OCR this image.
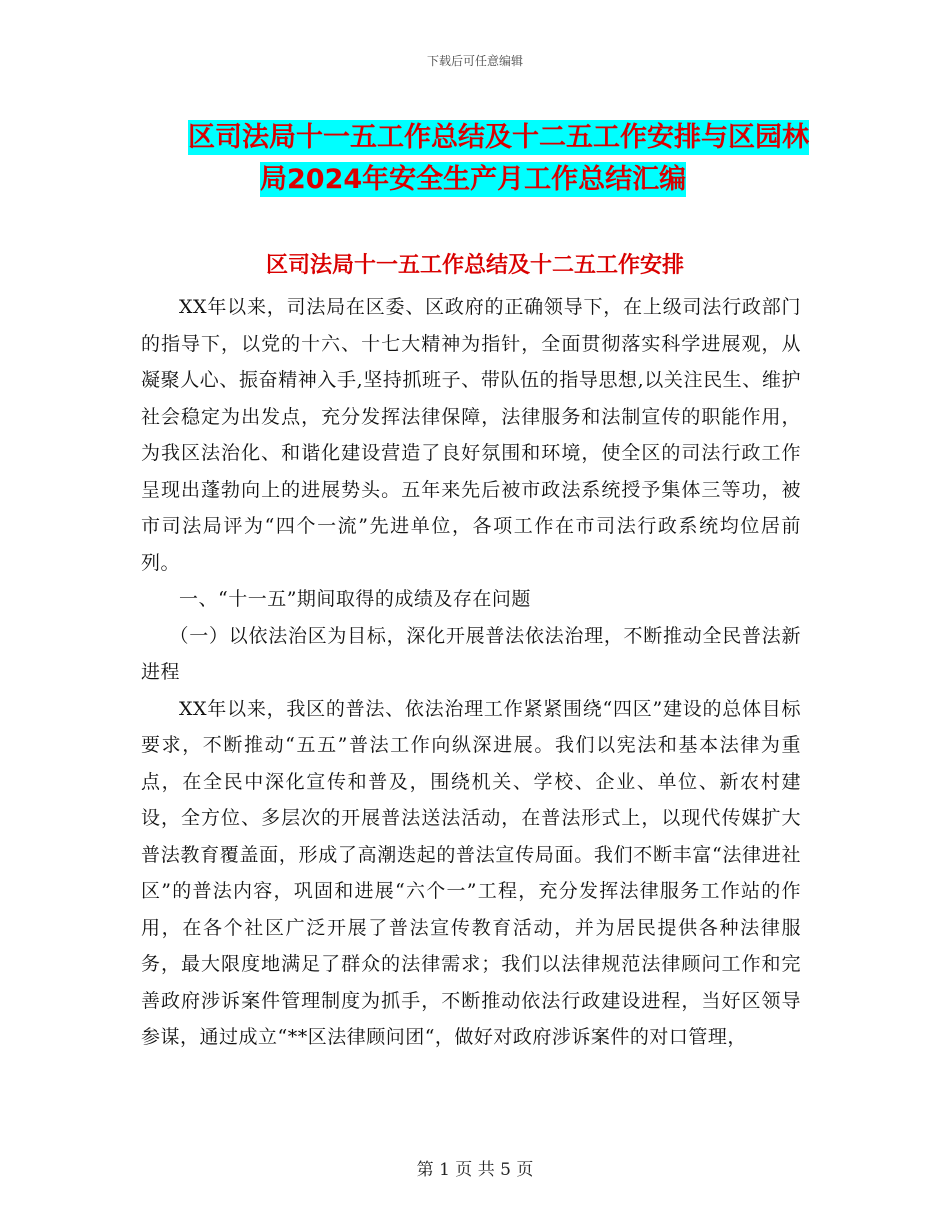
下载后可任意编辑
区司法局十一五工作总结及十二五工作安排与区园林
局2024年安全生产月工作总结汇编
区司法局十一五工作总结及十二五工作安排

XX年以来，司法局在区委、区政府的正确领导下，在上级司法行政部门的指导下，以党的十六、十七大精神为指针，全面贯彻落实科学进展观，从凝聚人心、振奋精神入手,坚持抓班子、带队伍的指导思想,以关注民生、维护社会稳定为出发点，充分发挥法律保障，法律服务和法制宣传的职能作用，为我区法治化、和谐化建设营造了良好氛围和环境，使全区的司法行政工作呈现出蓬勃向上的进展势头。五年来先后被市政法系统授予集体三等功，被市司法局评为“四个一流”先进单位，各项工作在市司法行政系统均位居前列。

一、“十一五”期间取得的成绩及存在问题

（一）以依法治区为目标，深化开展普法依法治理，不断推动全民普法新进程

XX年以来，我区的普法、依法治理工作紧紧围绕“四区”建设的总体目标要求，不断推动“五五”普法工作向纵深进展。我们以宪法和基本法律为重点，在全民中深化宣传和普及，围绕机关、学校、企业、单位、新农村建设，全方位、多层次的开展普法送法活动，在普法形式上，以现代传媒扩大普法教育覆盖面，形成了高潮迭起的普法宣传局面。我们不断丰富“法律进社区”的普法内容，巩固和进展“六个一”工程，充分发挥法律服务工作站的作用，在各个社区广泛开展了普法宣传教育活动，并为居民提供各种法律服务，最大限度地满足了群众的法律需求；我们以法律规范法律顾问工作和完善政府涉诉案件管理制度为抓手，不断推动依法行政建设进程，当好区领导参谋，通过成立“**区法律顾问团“，做好对政府涉诉案件的对口管理，

第 1 页 共 5 页
